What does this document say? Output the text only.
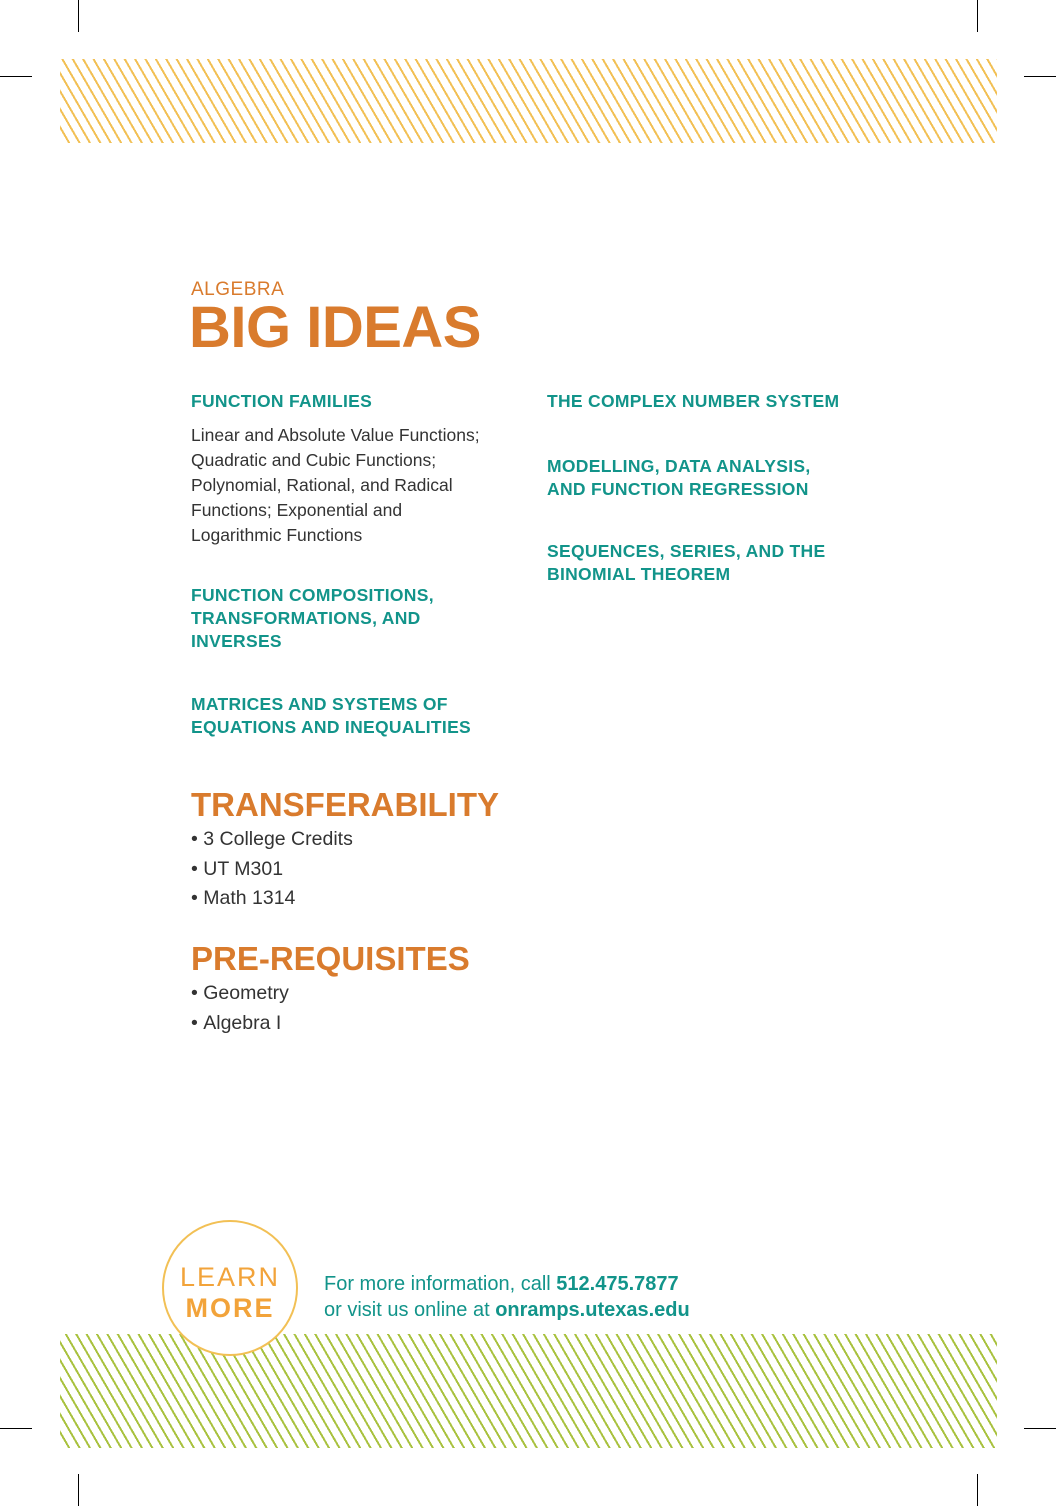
ALGEBRA
BIG IDEAS
FUNCTION FAMILIES

Linear and Absolute Value Functions;
Quadratic and Cubic Functions;
Polynomial, Rational, and Radical
Functions; Exponential and
Logarithmic Functions

FUNCTION COMPOSITIONS,
TRANSFORMATIONS, AND
INVERSES
MATRICES AND SYSTEMS OF
EQUATIONS AND INEQUALITIES
THE COMPLEX NUMBER SYSTEM
MODELLING, DATA ANALYSIS,
AND FUNCTION REGRESSION
SEQUENCES, SERIES, AND THE
BINOMIAL THEOREM
TRANSFERABILITY
• 3 College Credits
• UT M301
• Math 1314
PRE-REQUISITES
• Geometry
• Algebra I
LEARN
MORE
For more information, call 512.475.7877
or visit us online at onramps.utexas.edu
